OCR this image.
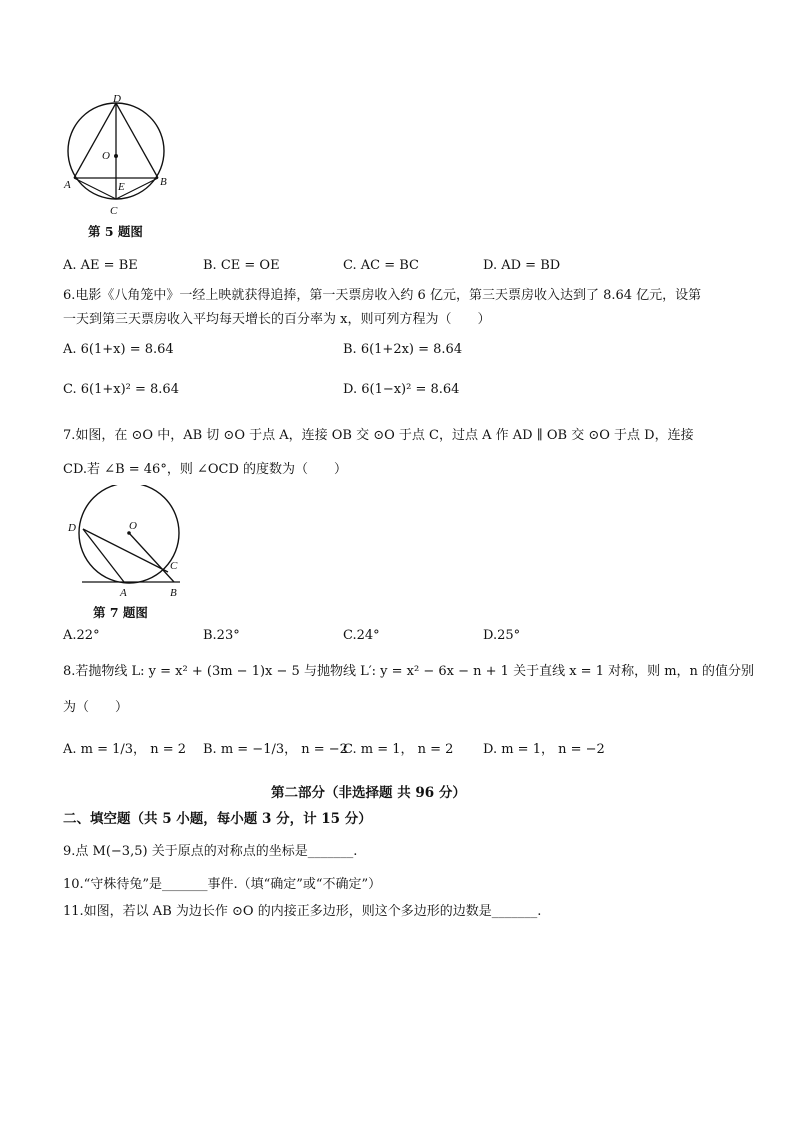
D
O
A	E	B
C
第 5 题图
A. AE = BE	B. CE = OE	C. AC = BC	D. AD = BD
6.电影《八角笼中》一经上映就获得追捧，第一天票房收入约 6 亿元，第三天票房收入达到了 8.64 亿元，设第
一天到第三天票房收入平均每天增长的百分率为 x，则可列方程为（　　）
A. 6(1+x) = 8.64	B. 6(1+2x) = 8.64
C. 6(1+x)² = 8.64	D. 6(1−x)² = 8.64
7.如图，在 ⊙O 中，AB 切 ⊙O 于点 A，连接 OB 交 ⊙O 于点 C，过点 A 作 AD ∥ OB 交 ⊙O 于点 D，连接
CD.若 ∠B = 46°，则 ∠OCD 的度数为（　　）
D	O
C
A	B
第 7 题图
A.22°	B.23°	C.24°	D.25°
8.若抛物线 L: y = x² + (3m − 1)x − 5 与抛物线 L′: y = x² − 6x − n + 1 关于直线 x = 1 对称，则 m，n 的值分别
为（　　）
A. m = 1/3， n = 2 B. m = −1/3， n = −2
C. m = 1， n = 2 D. m = 1， n = −2
第二部分（非选择题 共 96 分）
二、填空题（共 5 小题，每小题 3 分，计 15 分）
9.点 M(−3,5) 关于原点的对称点的坐标是_______.
10.“守株待兔”是_______事件.（填“确定”或“不确定”）
11.如图，若以 AB 为边长作 ⊙O 的内接正多边形，则这个多边形的边数是_______.
